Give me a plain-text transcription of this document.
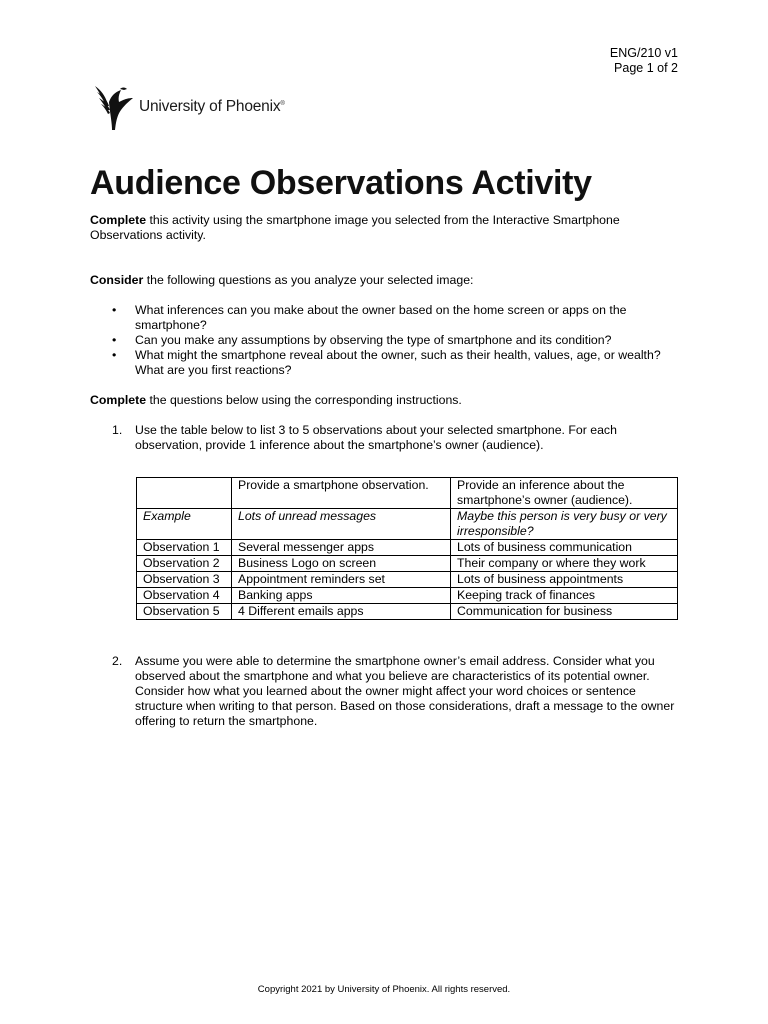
ENG/210 v1
Page 1 of 2
University of Phoenix®
Audience Observations Activity

Complete this activity using the smartphone image you selected from the Interactive Smartphone Observations activity.

Consider the following questions as you analyze your selected image:

• What inferences can you make about the owner based on the home screen or apps on the smartphone?
• Can you make any assumptions by observing the type of smartphone and its condition?
• What might the smartphone reveal about the owner, such as their health, values, age, or wealth? What are you first reactions?

Complete the questions below using the corresponding instructions.

1. Use the table below to list 3 to 5 observations about your selected smartphone. For each observation, provide 1 inference about the smartphone’s owner (audience).
	Provide a smartphone observation.	Provide an inference about the smartphone’s owner (audience).
Example	Lots of unread messages	Maybe this person is very busy or very irresponsible?
Observation 1	Several messenger apps	Lots of business communication
Observation 2	Business Logo on screen	Their company or where they work
Observation 3	Appointment reminders set	Lots of business appointments
Observation 4	Banking apps	Keeping track of finances
Observation 5	4 Different emails apps	Communication for business
2. Assume you were able to determine the smartphone owner’s email address. Consider what you observed about the smartphone and what you believe are characteristics of its potential owner. Consider how what you learned about the owner might affect your word choices or sentence structure when writing to that person. Based on those considerations, draft a message to the owner offering to return the smartphone.
Copyright 2021 by University of Phoenix. All rights reserved.
